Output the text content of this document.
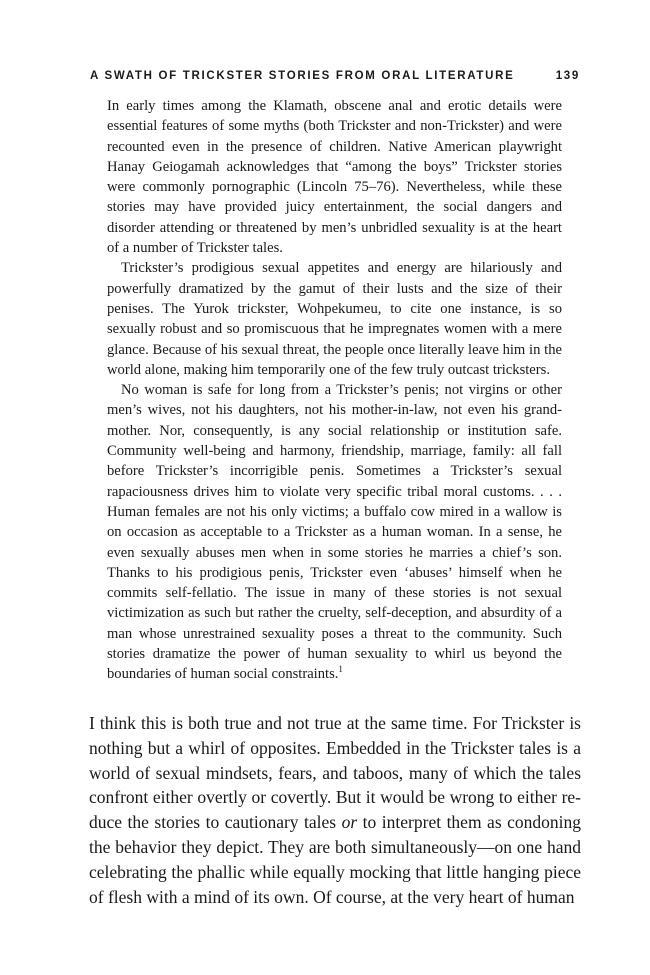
A SWATH OF TRICKSTER STORIES FROM ORAL LITERATURE	139

In early times among the Klamath, obscene anal and erotic details were essential features of some myths (both Trickster and non-Trickster) and were recounted even in the presence of children. Native American playwright Hanay Geiogamah acknowledges that “among the boys” Trickster stories were commonly pornographic (Lincoln 75–76). Nevertheless, while these stories may have provided juicy entertainment, the social dangers and disorder attending or threatened by men’s unbridled sexuality is at the heart of a number of Trickster tales.

Trickster’s prodigious sexual appetites and energy are hilariously and powerfully dramatized by the gamut of their lusts and the size of their penises. The Yurok trickster, Wohpekumeu, to cite one instance, is so sexually robust and so promiscuous that he impregnates women with a mere glance. Because of his sexual threat, the people once literally leave him in the world alone, making him temporarily one of the few truly outcast tricksters.

No woman is safe for long from a Trickster’s penis; not virgins or other men’s wives, not his daughters, not his mother-in-law, not even his grandmother. Nor, consequently, is any social relationship or institution safe. Community well-being and harmony, friendship, marriage, family: all fall before Trickster’s incorrigible penis. Sometimes a Trickster’s sexual rapaciousness drives him to violate very specific tribal moral customs. . . . Human females are not his only victims; a buffalo cow mired in a wallow is on occasion as acceptable to a Trickster as a human woman. In a sense, he even sexually abuses men when in some stories he marries a chief’s son. Thanks to his prodigious penis, Trickster even ‘abuses’ himself when he commits self-fellatio. The issue in many of these stories is not sexual victimization as such but rather the cruelty, self-deception, and absurdity of a man whose unrestrained sexuality poses a threat to the community. Such stories dramatize the power of human sexuality to whirl us beyond the boundaries of human social constraints.$^1$

I think this is both true and not true at the same time. For Trickster is nothing but a whirl of opposites. Embedded in the Trickster tales is a world of sexual mindsets, fears, and taboos, many of which the tales confront either overtly or covertly. But it would be wrong to either reduce the stories to cautionary tales or to interpret them as condoning the behavior they depict. They are both simultaneously—on one hand celebrating the phallic while equally mocking that little hanging piece of flesh with a mind of its own. Of course, at the very heart of human
